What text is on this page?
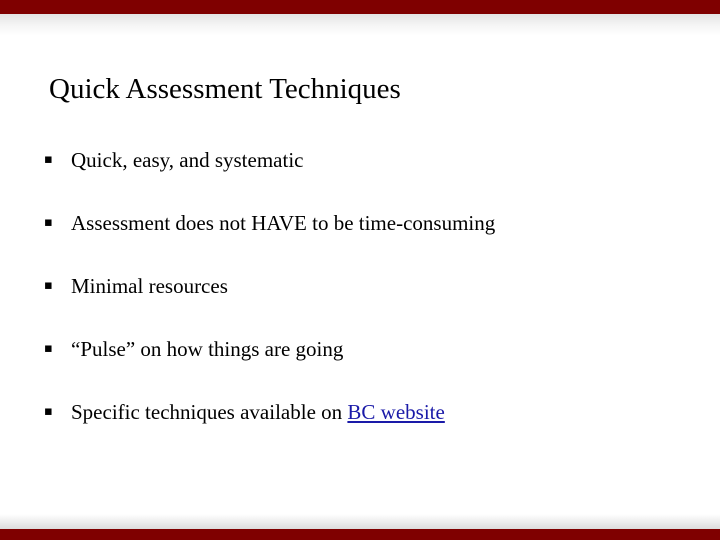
Quick Assessment Techniques
▪ Quick, easy, and systematic
▪ Assessment does not HAVE to be time-consuming
▪ Minimal resources
▪ “Pulse” on how things are going
▪ Specific techniques available on BC website
